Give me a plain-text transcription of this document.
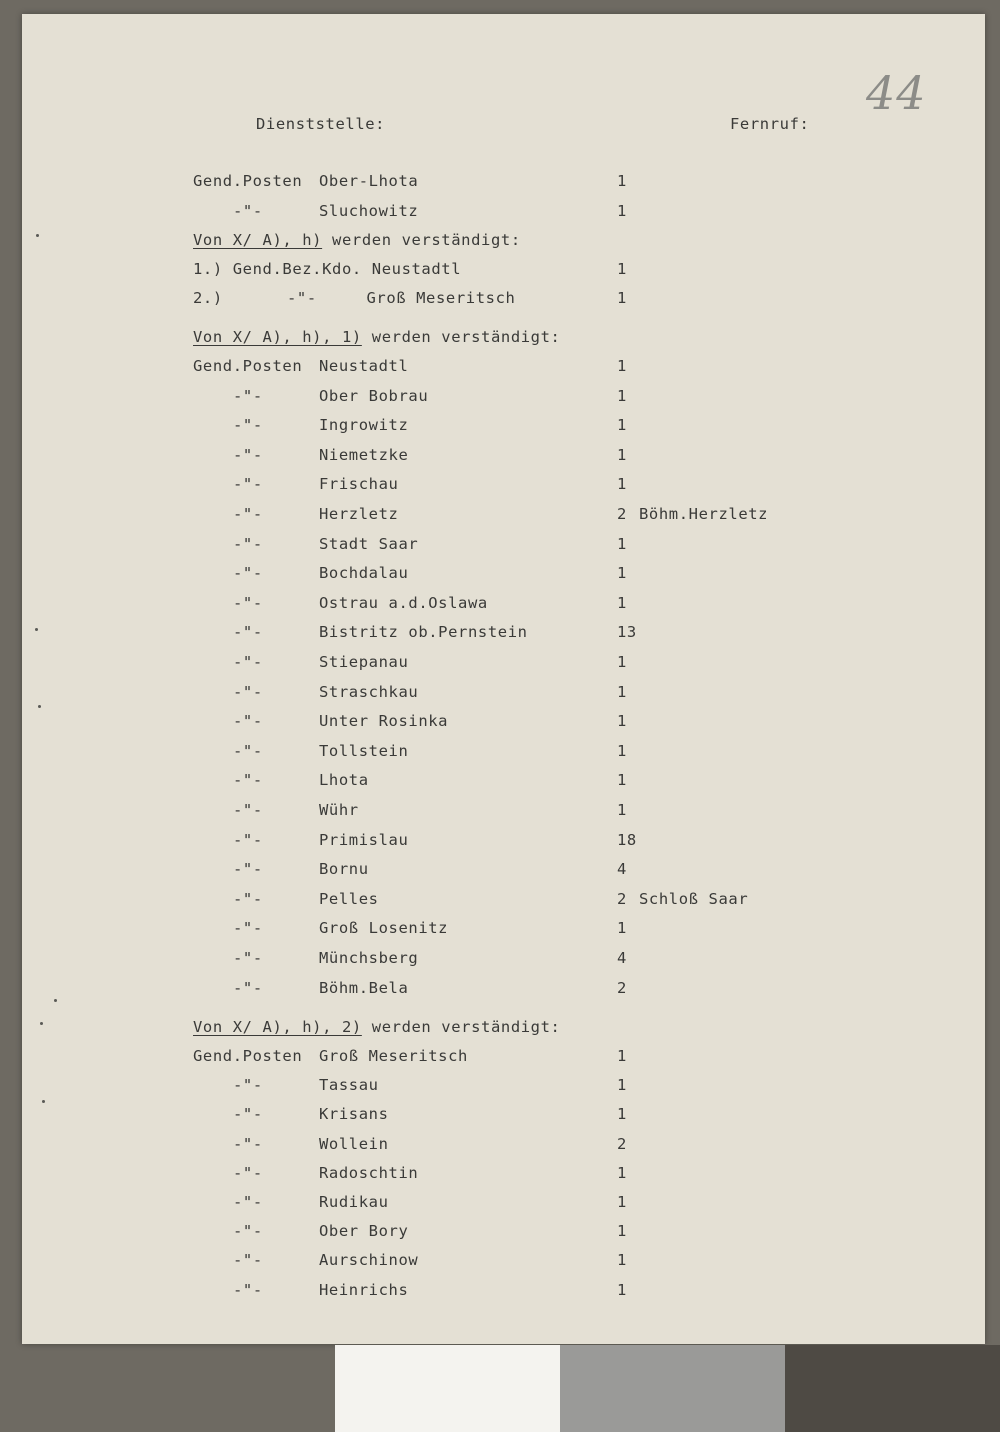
44

Dienststelle:	Fernruf:

Gend.Posten Ober-Lhota	1

-"-	Sluchowitz	1

Von X/ A), h) werden verständigt:

1.) Gend.Bez.Kdo. Neustadtl	1

2.)	-"-     Groß Meseritsch	1

Von X/ A), h), 1) werden verständigt:

Gend.Posten Neustadtl	1

-"-	Ober Bobrau	1

-"-	Ingrowitz	1

-"-	Niemetzke	1

-"-	Frischau	1

-"-	Herzletz	2 Böhm.Herzletz

-"-	Stadt Saar	1

-"-	Bochdalau	1

-"-	Ostrau a.d.Oslawa	1

-"-	Bistritz ob.Pernstein	13

-"-	Stiepanau	1

-"-	Straschkau	1

-"-	Unter Rosinka	1

-"-	Tollstein	1

-"-	Lhota	1

-"-	Wühr	1

-"-	Primislau	18

-"-	Bornu	4

-"-	Pelles	2 Schloß Saar

-"-	Groß Losenitz	1

-"-	Münchsberg	4

-"-	Böhm.Bela	2

Von X/ A), h), 2) werden verständigt:

Gend.Posten Groß Meseritsch	1

-"-	Tassau	1

-"-	Krisans	1

-"-	Wollein	2

-"-	Radoschtin	1

-"-	Rudikau	1

-"-	Ober Bory	1

-"-	Aurschinow	1

-"-	Heinrichs	1
